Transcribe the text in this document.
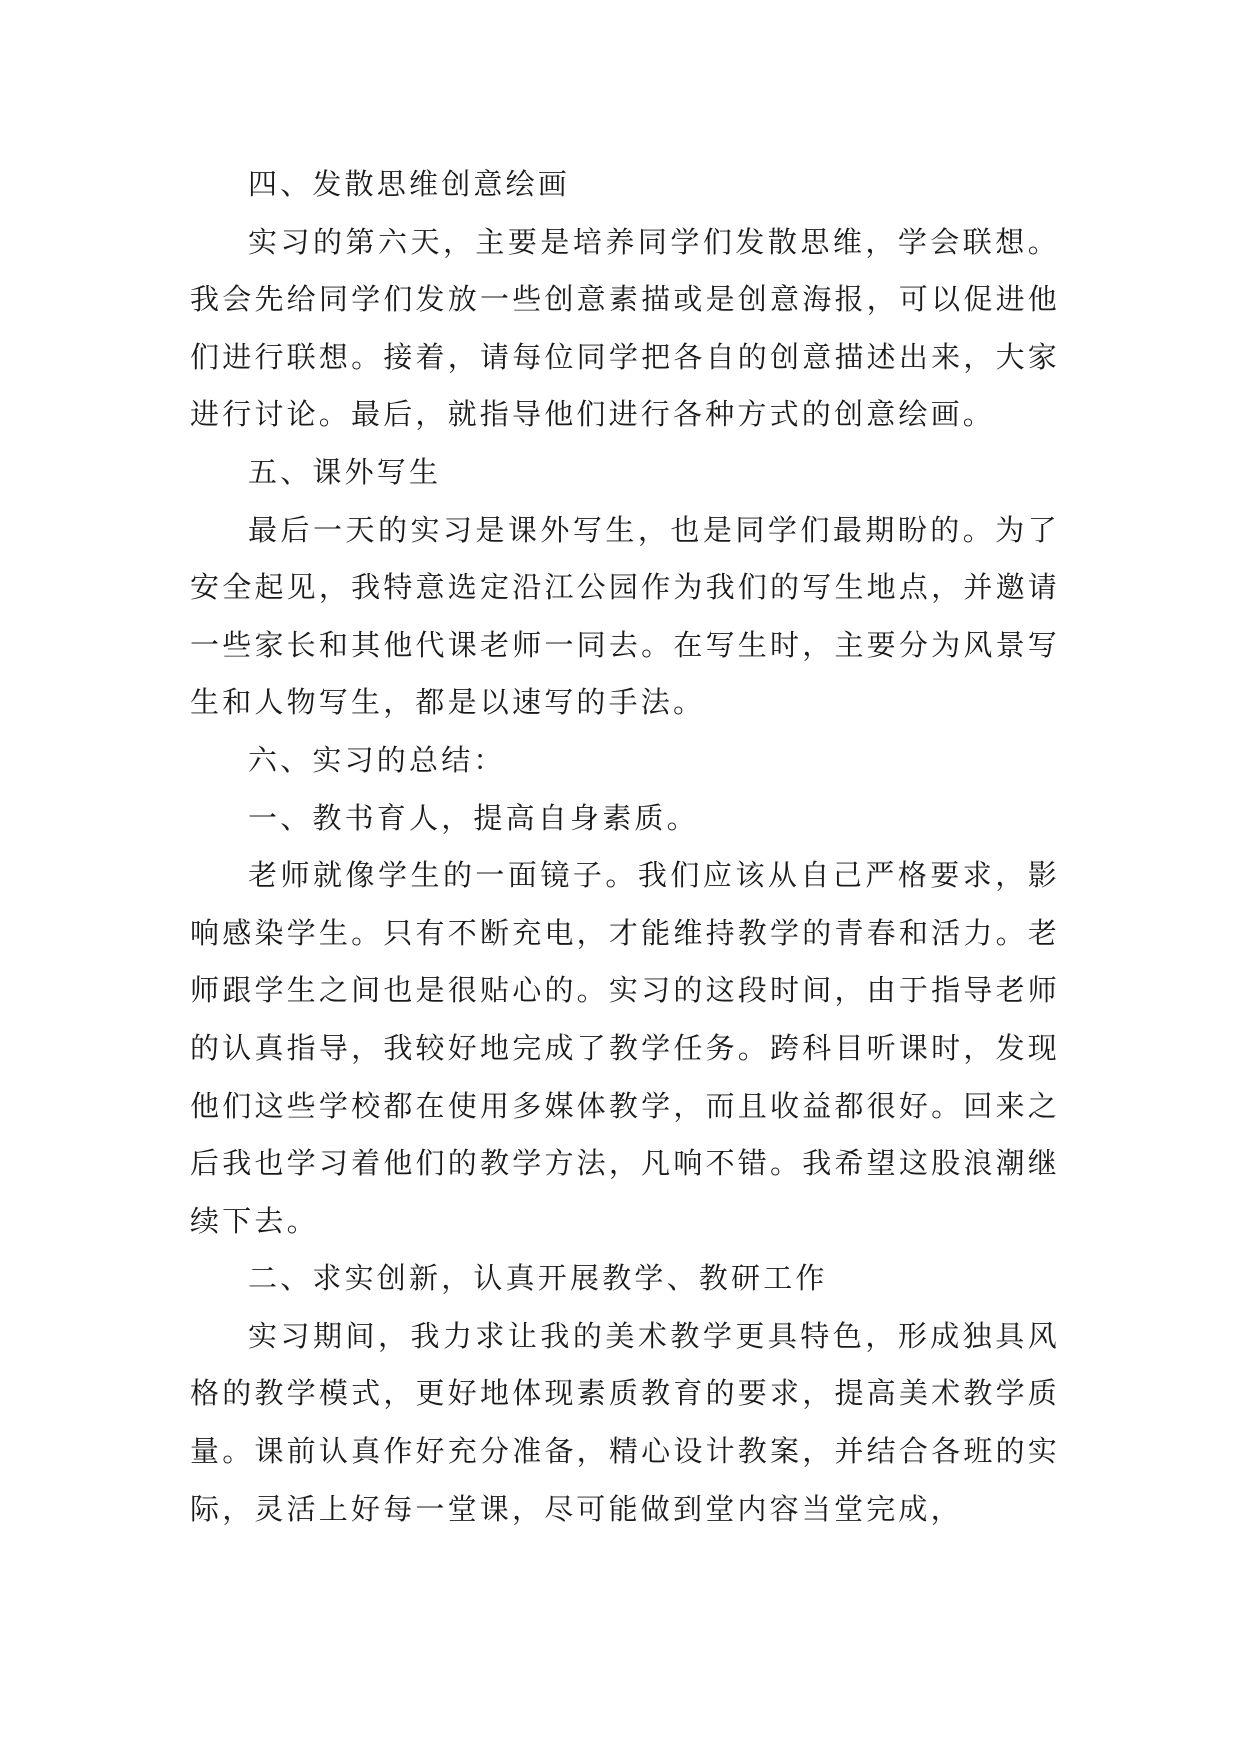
四、发散思维创意绘画

实习的第六天，主要是培养同学们发散思维，学会联想。我会先给同学们发放一些创意素描或是创意海报，可以促进他们进行联想。接着，请每位同学把各自的创意描述出来，大家进行讨论。最后，就指导他们进行各种方式的创意绘画。

五、课外写生

最后一天的实习是课外写生，也是同学们最期盼的。为了安全起见，我特意选定沿江公园作为我们的写生地点，并邀请一些家长和其他代课老师一同去。在写生时，主要分为风景写生和人物写生，都是以速写的手法。

六、实习的总结：

一、教书育人，提高自身素质。

老师就像学生的一面镜子。我们应该从自己严格要求，影响感染学生。只有不断充电，才能维持教学的青春和活力。老师跟学生之间也是很贴心的。实习的这段时间，由于指导老师的认真指导，我较好地完成了教学任务。跨科目听课时，发现他们这些学校都在使用多媒体教学，而且收益都很好。回来之后我也学习着他们的教学方法，凡响不错。我希望这股浪潮继续下去。

二、求实创新，认真开展教学、教研工作

实习期间，我力求让我的美术教学更具特色，形成独具风格的教学模式，更好地体现素质教育的要求，提高美术教学质量。课前认真作好充分准备，精心设计教案，并结合各班的实际，灵活上好每一堂课，尽可能做到堂内容当堂完成，
